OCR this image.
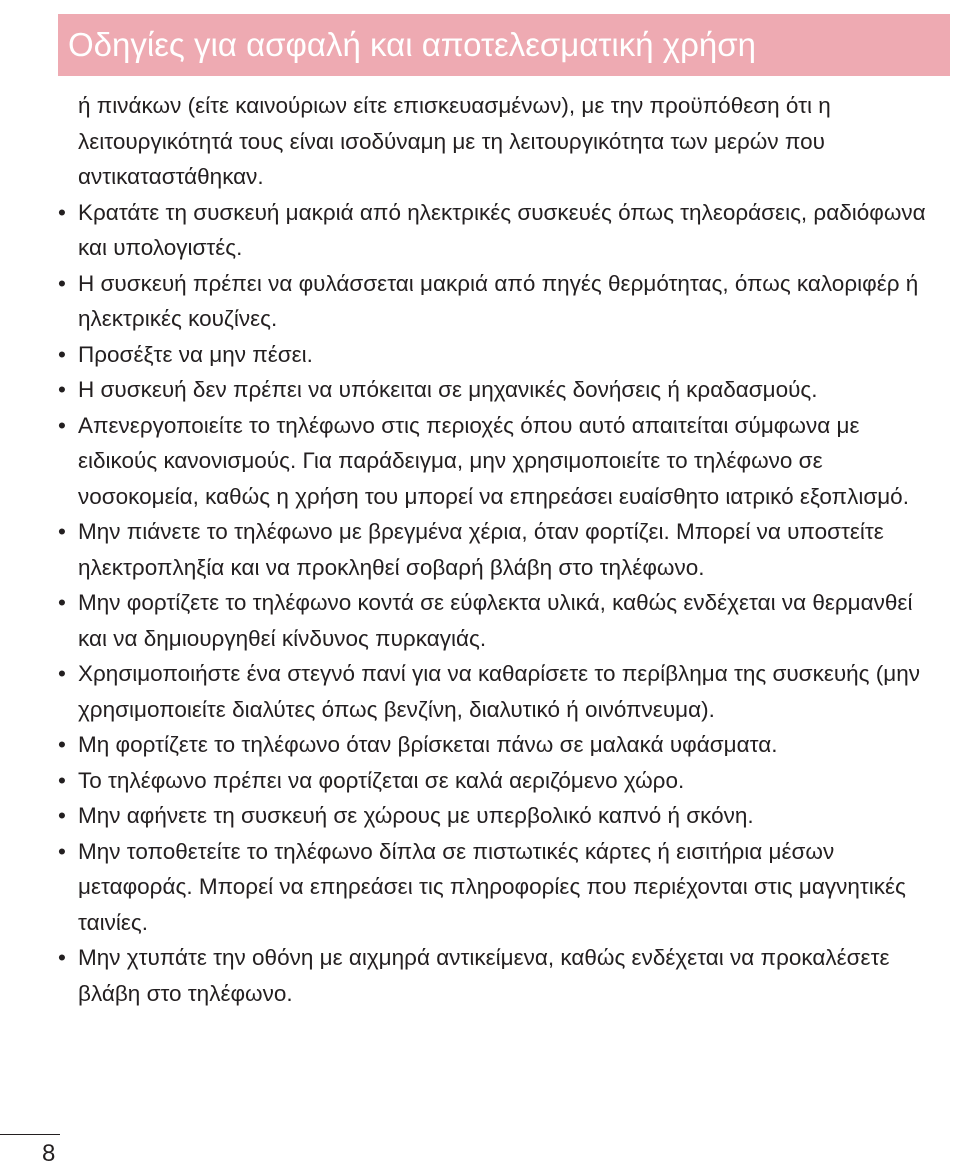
Οδηγίες για ασφαλή και αποτελεσματική χρήση

ή πινάκων (είτε καινούριων είτε επισκευασμένων), με την προϋπόθεση ότι η λειτουργικότητά τους είναι ισοδύναμη με τη λειτουργικότητα των μερών που αντικαταστάθηκαν.

• Κρατάτε τη συσκευή μακριά από ηλεκτρικές συσκευές όπως τηλεοράσεις, ραδιόφωνα και υπολογιστές.
• Η συσκευή πρέπει να φυλάσσεται μακριά από πηγές θερμότητας, όπως καλοριφέρ ή ηλεκτρικές κουζίνες.
• Προσέξτε να μην πέσει.
• Η συσκευή δεν πρέπει να υπόκειται σε μηχανικές δονήσεις ή κραδασμούς.
• Απενεργοποιείτε το τηλέφωνο στις περιοχές όπου αυτό απαιτείται σύμφωνα με ειδικούς κανονισμούς. Για παράδειγμα, μην χρησιμοποιείτε το τηλέφωνο σε νοσοκομεία, καθώς η χρήση του μπορεί να επηρεάσει ευαίσθητο ιατρικό εξοπλισμό.
• Μην πιάνετε το τηλέφωνο με βρεγμένα χέρια, όταν φορτίζει. Μπορεί να υποστείτε ηλεκτροπληξία και να προκληθεί σοβαρή βλάβη στο τηλέφωνο.
• Μην φορτίζετε το τηλέφωνο κοντά σε εύφλεκτα υλικά, καθώς ενδέχεται να θερμανθεί και να δημιουργηθεί κίνδυνος πυρκαγιάς.
• Χρησιμοποιήστε ένα στεγνό πανί για να καθαρίσετε το περίβλημα της συσκευής (μην χρησιμοποιείτε διαλύτες όπως βενζίνη, διαλυτικό ή οινόπνευμα).
• Μη φορτίζετε το τηλέφωνο όταν βρίσκεται πάνω σε μαλακά υφάσματα.
• Το τηλέφωνο πρέπει να φορτίζεται σε καλά αεριζόμενο χώρο.
• Μην αφήνετε τη συσκευή σε χώρους με υπερβολικό καπνό ή σκόνη.
• Μην τοποθετείτε το τηλέφωνο δίπλα σε πιστωτικές κάρτες ή εισιτήρια μέσων μεταφοράς. Μπορεί να επηρεάσει τις πληροφορίες που περιέχονται στις μαγνητικές ταινίες.
• Μην χτυπάτε την οθόνη με αιχμηρά αντικείμενα, καθώς ενδέχεται να προκαλέσετε βλάβη στο τηλέφωνο.
8
